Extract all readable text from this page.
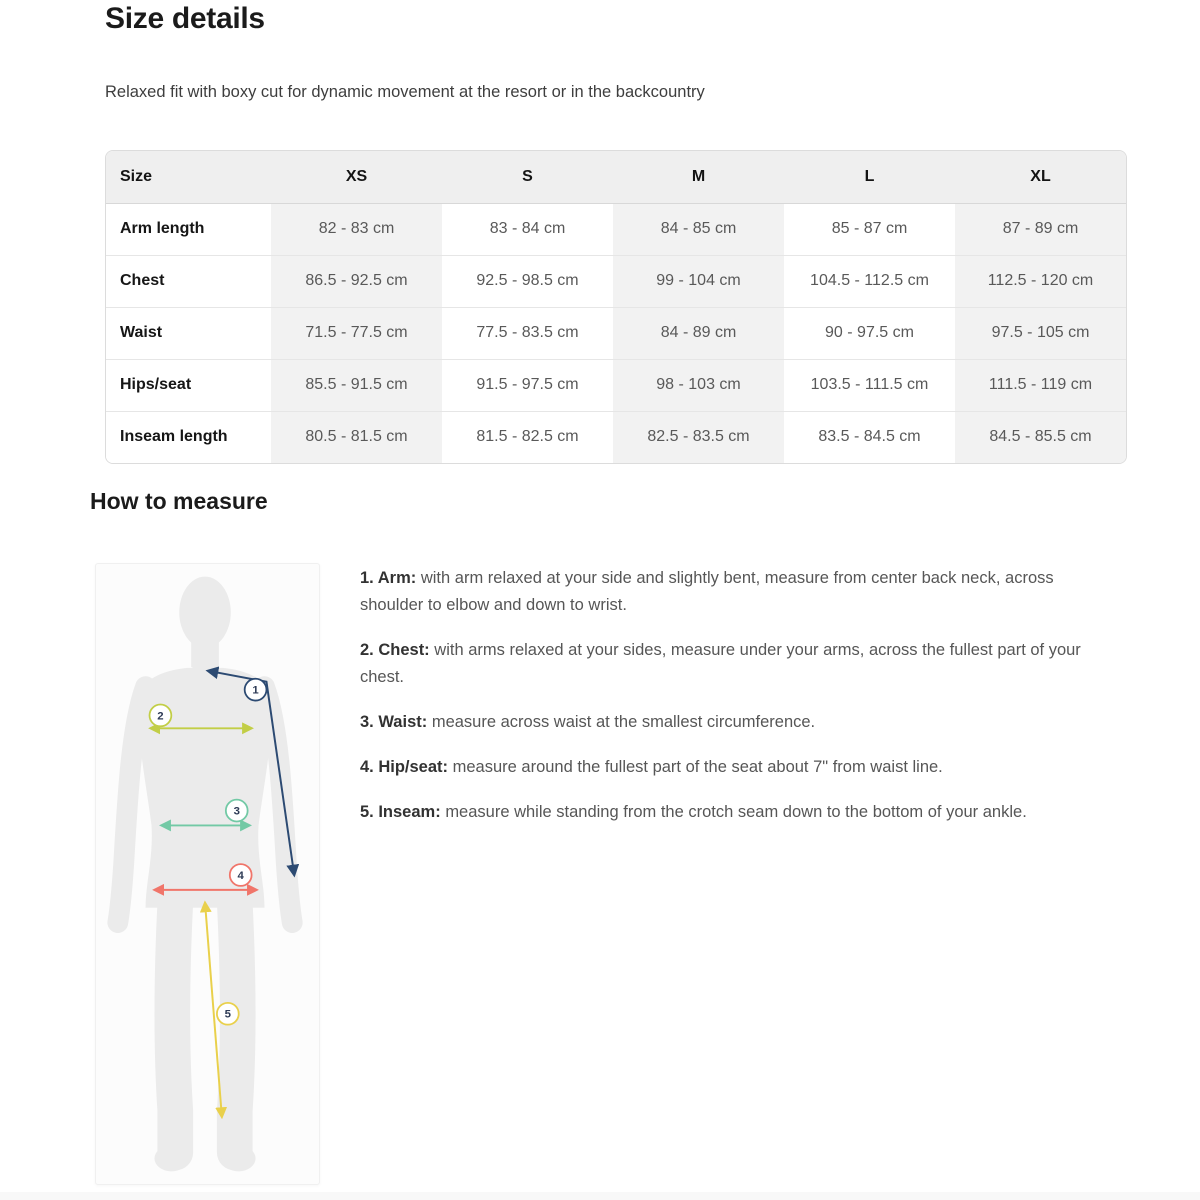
Size details
Relaxed fit with boxy cut for dynamic movement at the resort or in the backcountry
Size	XS	S	M	L	XL
Arm length	82 - 83 cm	83 - 84 cm	84 - 85 cm	85 - 87 cm	87 - 89 cm
Chest	86.5 - 92.5 cm	92.5 - 98.5 cm	99 - 104 cm	104.5 - 112.5 cm	112.5 - 120 cm
Waist	71.5 - 77.5 cm	77.5 - 83.5 cm	84 - 89 cm	90 - 97.5 cm	97.5 - 105 cm
Hips/seat	85.5 - 91.5 cm	91.5 - 97.5 cm	98 - 103 cm	103.5 - 111.5 cm	111.5 - 119 cm
Inseam length	80.5 - 81.5 cm	81.5 - 82.5 cm	82.5 - 83.5 cm	83.5 - 84.5 cm	84.5 - 85.5 cm
How to measure
1
2
3
4
5

1. Arm: with arm relaxed at your side and slightly bent, measure from center back neck, across shoulder to elbow and down to wrist.

2. Chest: with arms relaxed at your sides, measure under your arms, across the fullest part of your chest.

3. Waist: measure across waist at the smallest circumference.

4. Hip/seat: measure around the fullest part of the seat about 7" from waist line.

5. Inseam: measure while standing from the crotch seam down to the bottom of your ankle.
